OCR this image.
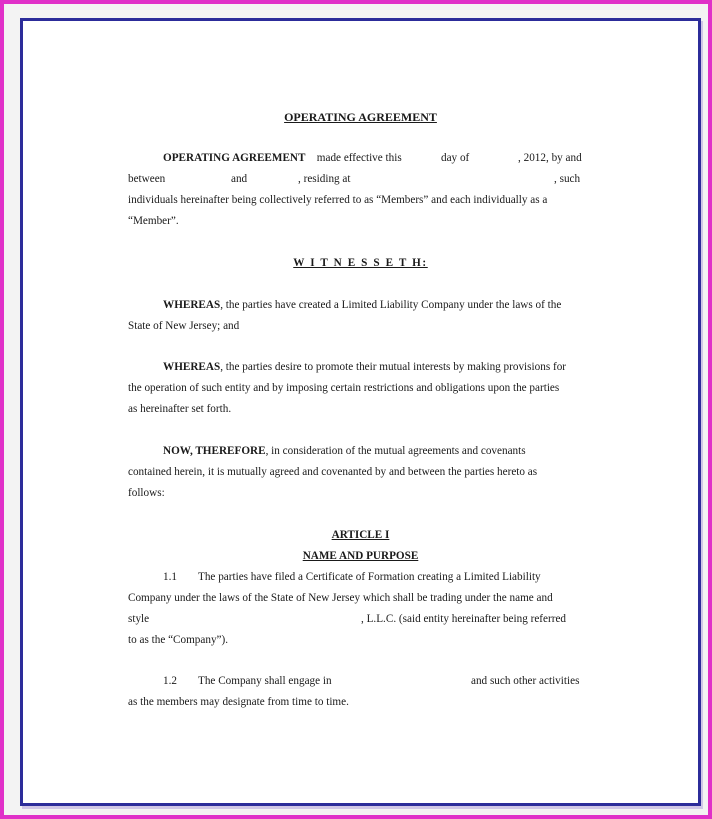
OPERATING AGREEMENT

OPERATING AGREEMENT

made effective this

	day of

	, 2012, by and

between

	and

	, residing at

	, such

individuals hereinafter being collectively referred to as “Members” and each individually as a
“Member”.
W I T N E S S E T H:

WHEREAS, the parties have created a Limited Liability Company under the laws of the

State of New Jersey; and

WHEREAS, the parties desire to promote their mutual interests by making provisions for

the operation of such entity and by imposing certain restrictions and obligations upon the parties
as hereinafter set forth.

NOW, THEREFORE, in consideration of the mutual agreements and covenants

contained herein, it is mutually agreed and covenanted by and between the parties hereto as
follows:
ARTICLE I
NAME AND PURPOSE

1.1

The parties have filed a Certificate of Formation creating a Limited Liability

Company under the laws of the State of New Jersey which shall be trading under the name and

style

	, L.L.C. (said entity hereinafter being referred

to as the “Company”).

1.2

The Company shall engage in

	and such other activities

as the members may designate from time to time.
